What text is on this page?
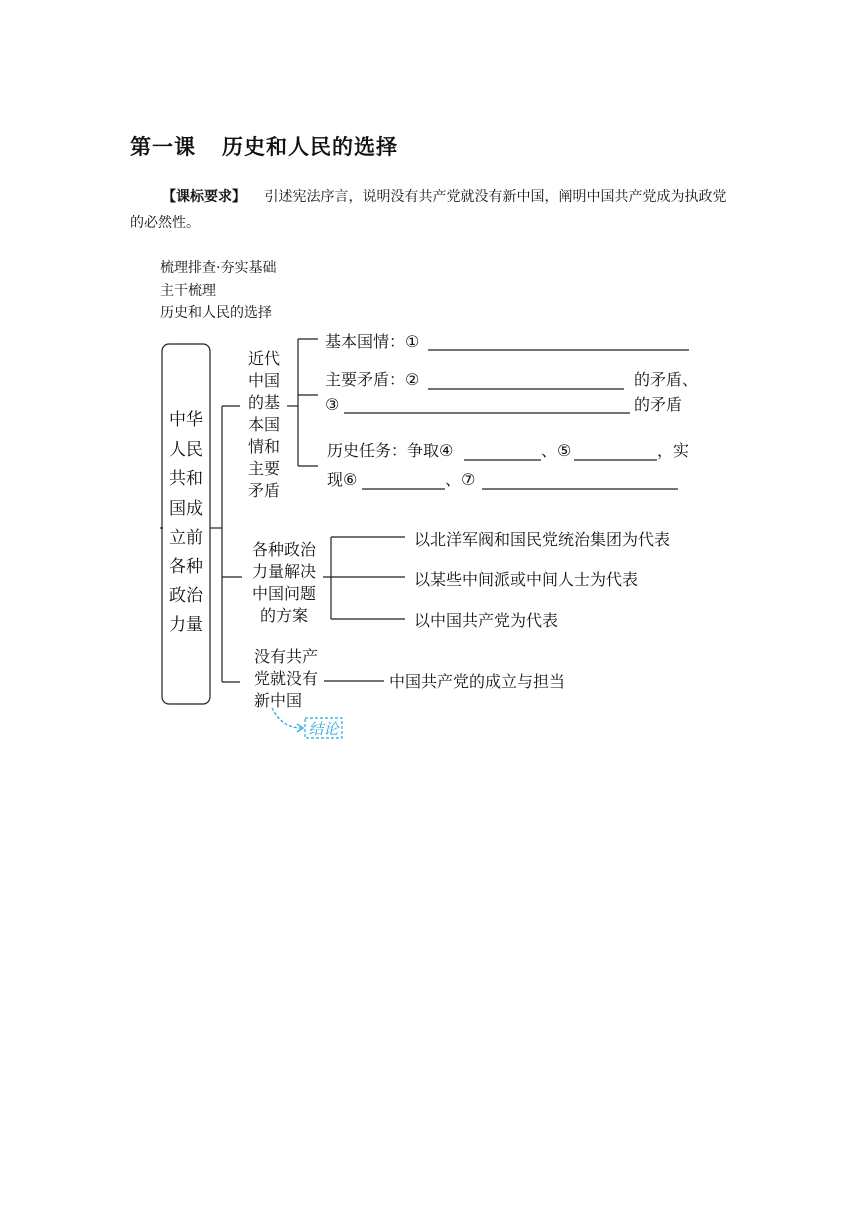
第一课 历史和人民的选择
【课标要求】 引述宪法序言，说明没有共产党就没有新中国，阐明中国共产党成为执政党的必然性。
梳理排查·夯实基础
主干梳理
历史和人民的选择
中华
人民
共和
国成
立前
各种
政治
力量
近代
中国
的基
本国
情和
主要
矛盾
基本国情：①
主要矛盾：②	的矛盾、
③	的矛盾
历史任务：争取④	、⑤	，实
现⑥	、⑦
各种政治
力量解决
中国问题
的方案
以北洋军阀和国民党统治集团为代表
以某些中间派或中间人士为代表
以中国共产党为代表
没有共产
党就没有
新中国
中国共产党的成立与担当
结论
